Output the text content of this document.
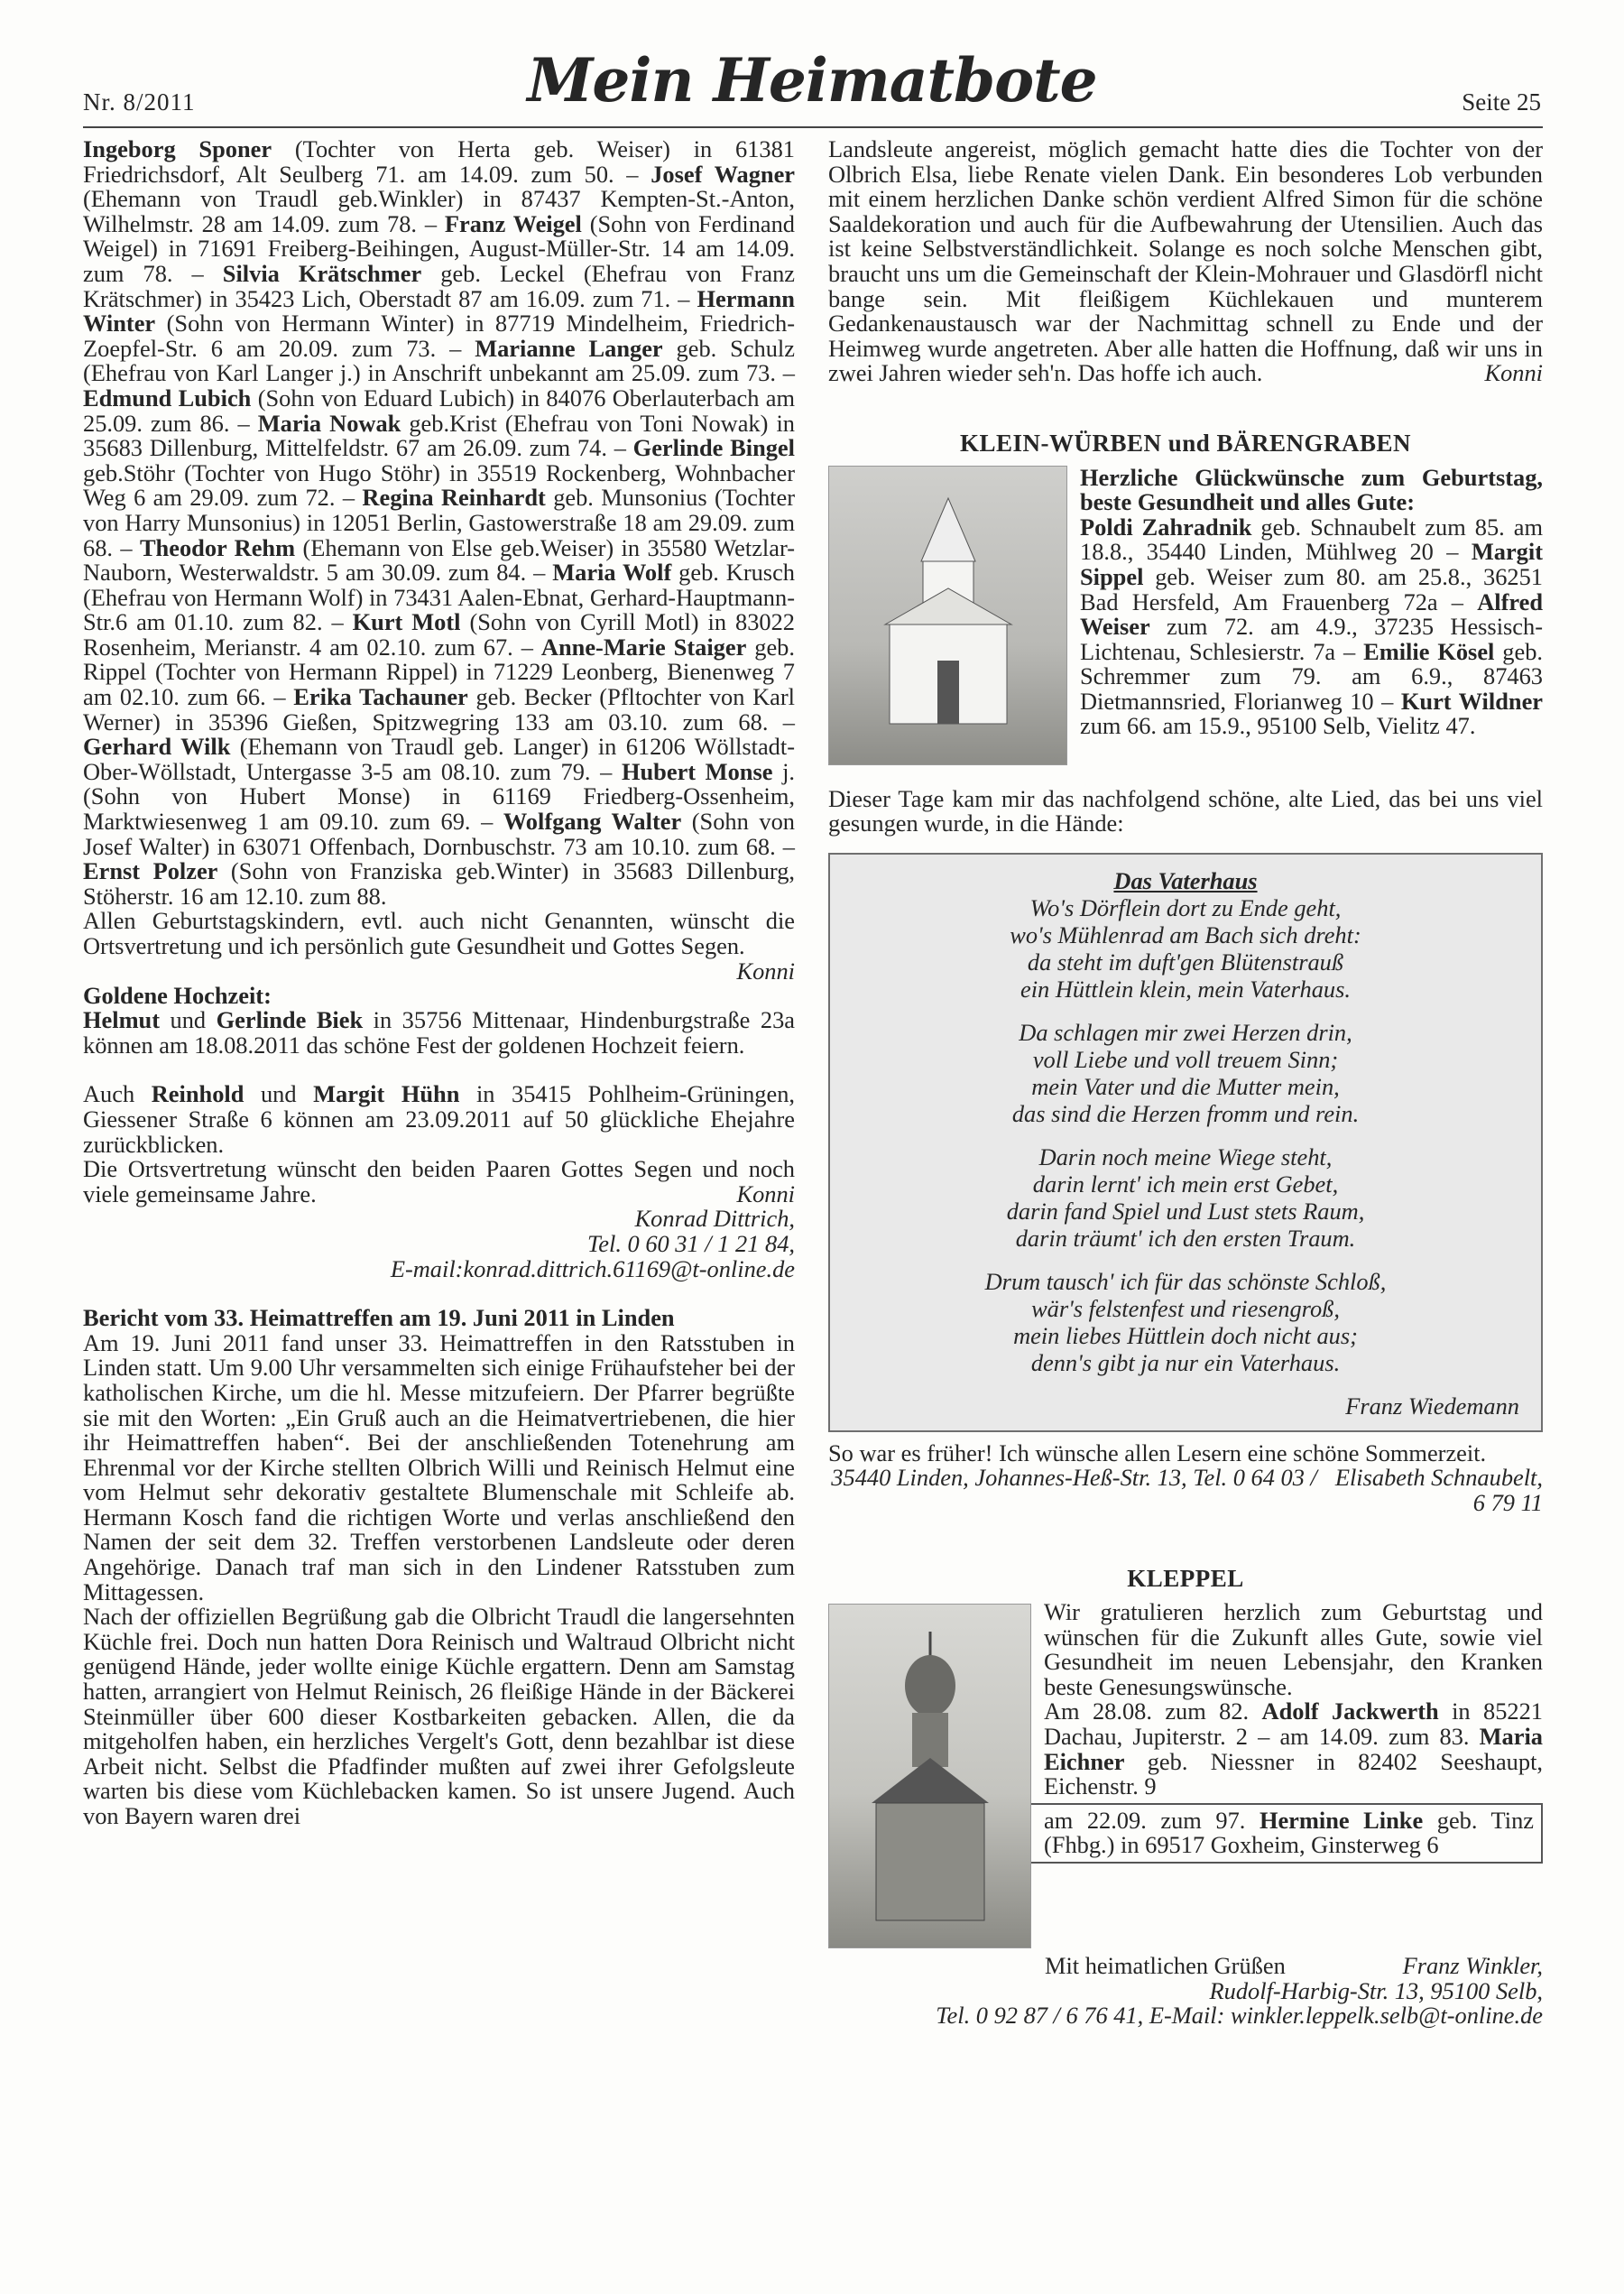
Nr. 8/2011	Mein Heimatbote	Seite 25

Ingeborg Sponer (Tochter von Herta geb. Weiser) in 61381 Friedrichsdorf, Alt Seulberg 71. am 14.09. zum 50. – Josef Wagner (Ehemann von Traudl geb.Winkler) in 87437 Kempten-St.-Anton, Wilhelmstr. 28 am 14.09. zum 78. – Franz Weigel (Sohn von Ferdinand Weigel) in 71691 Freiberg-Beihingen, August-Müller-Str. 14 am 14.09. zum 78. – Silvia Krätschmer geb. Leckel (Ehefrau von Franz Krätschmer) in 35423 Lich, Oberstadt 87 am 16.09. zum 71. – Hermann Winter (Sohn von Hermann Winter) in 87719 Mindelheim, Friedrich-Zoepfel-Str. 6 am 20.09. zum 73. – Marianne Langer geb. Schulz (Ehefrau von Karl Langer j.) in Anschrift unbekannt am 25.09. zum 73. – Edmund Lubich (Sohn von Eduard Lubich) in 84076 Oberlauterbach am 25.09. zum 86. – Maria Nowak geb.Krist (Ehefrau von Toni Nowak) in 35683 Dillenburg, Mittelfeldstr. 67 am 26.09. zum 74. – Gerlinde Bingel geb.Stöhr (Tochter von Hugo Stöhr) in 35519 Rockenberg, Wohnbacher Weg 6 am 29.09. zum 72. – Regina Reinhardt geb. Munsonius (Tochter von Harry Munsonius) in 12051 Berlin, Gastowerstraße 18 am 29.09. zum 68. – Theodor Rehm (Ehemann von Else geb.Weiser) in 35580 Wetzlar-Nauborn, Westerwaldstr. 5 am 30.09. zum 84. – Maria Wolf geb. Krusch (Ehefrau von Hermann Wolf) in 73431 Aalen-Ebnat, Gerhard-Hauptmann-Str.6 am 01.10. zum 82. – Kurt Motl (Sohn von Cyrill Motl) in 83022 Rosenheim, Merianstr. 4 am 02.10. zum 67. – Anne-Marie Staiger geb. Rippel (Tochter von Hermann Rippel) in 71229 Leonberg, Bienenweg 7 am 02.10. zum 66. – Erika Tachauner geb. Becker (Pfltochter von Karl Werner) in 35396 Gießen, Spitzwegring 133 am 03.10. zum 68. – Gerhard Wilk (Ehemann von Traudl geb. Langer) in 61206 Wöllstadt-Ober-Wöllstadt, Untergasse 3-5 am 08.10. zum 79. – Hubert Monse j. (Sohn von Hubert Monse) in 61169 Friedberg-Ossenheim, Marktwiesenweg 1 am 09.10. zum 69. – Wolfgang Walter (Sohn von Josef Walter) in 63071 Offenbach, Dornbuschstr. 73 am 10.10. zum 68. – Ernst Polzer (Sohn von Franziska geb.Winter) in 35683 Dillenburg, Stöherstr. 16 am 12.10. zum 88.

Allen Geburtstagskindern, evtl. auch nicht Genannten, wünscht die Ortsvertretung und ich persönlich gute Gesundheit und Gottes Segen.
Konni

Goldene Hochzeit:

Helmut und Gerlinde Biek in 35756 Mittenaar, Hindenburgstraße 23a können am 18.08.2011 das schöne Fest der goldenen Hochzeit feiern.

Auch Reinhold und Margit Hühn in 35415 Pohlheim-Grüningen, Giessener Straße 6 können am 23.09.2011 auf 50 glückliche Ehejahre zurückblicken.

Die Ortsvertretung wünscht den beiden Paaren Gottes Segen und noch viele gemeinsame Jahre.	Konni

Konrad Dittrich,

Tel. 0 60 31 / 1 21 84,

E-mail:konrad.dittrich.61169@t-online.de

Bericht vom 33. Heimattreffen am 19. Juni 2011 in Linden

Am 19. Juni 2011 fand unser 33. Heimattreffen in den Ratsstuben in Linden statt. Um 9.00 Uhr versammelten sich einige Frühaufsteher bei der katholischen Kirche, um die hl. Messe mitzufeiern. Der Pfarrer begrüßte sie mit den Worten: „Ein Gruß auch an die Heimatvertriebenen, die hier ihr Heimattreffen haben“. Bei der anschließenden Totenehrung am Ehrenmal vor der Kirche stellten Olbrich Willi und Reinisch Helmut eine vom Helmut sehr dekorativ gestaltete Blumenschale mit Schleife ab. Hermann Kosch fand die richtigen Worte und verlas anschließend den Namen der seit dem 32. Treffen verstorbenen Landsleute oder deren Angehörige. Danach traf man sich in den Lindener Ratsstuben zum Mittagessen.

Nach der offiziellen Begrüßung gab die Olbricht Traudl die langersehnten Küchle frei. Doch nun hatten Dora Reinisch und Waltraud Olbricht nicht genügend Hände, jeder wollte einige Küchle ergattern. Denn am Samstag hatten, arrangiert von Helmut Reinisch, 26 fleißige Hände in der Bäckerei Steinmüller über 600 dieser Kostbarkeiten gebacken. Allen, die da mitgeholfen haben, ein herzliches Vergelt's Gott, denn bezahlbar ist diese Arbeit nicht. Selbst die Pfadfinder mußten auf zwei ihrer Gefolgsleute warten bis diese vom Küchlebacken kamen. So ist unsere Jugend. Auch von Bayern waren drei

Landsleute angereist, möglich gemacht hatte dies die Tochter von der Olbrich Elsa, liebe Renate vielen Dank. Ein besonderes Lob verbunden mit einem herzlichen Danke schön verdient Alfred Simon für die schöne Saaldekoration und auch für die Aufbewahrung der Utensilien. Auch das ist keine Selbstverständlichkeit. Solange es noch solche Menschen gibt, braucht uns um die Gemeinschaft der Klein-Mohrauer und Glasdörfl nicht bange sein. Mit fleißigem Küchlekauen und munterem Gedankenaustausch war der Nachmittag schnell zu Ende und der Heimweg wurde angetreten. Aber alle hatten die Hoffnung, daß wir uns in zwei Jahren wieder seh'n. Das hoffe ich auch.	Konni

KLEIN-WÜRBEN und BÄRENGRABEN

Herzliche Glückwünsche zum Geburtstag, beste Gesundheit und alles Gute:

Poldi Zahradnik geb. Schnaubelt zum 85. am 18.8., 35440 Linden, Mühlweg 20 – Margit Sippel geb. Weiser zum 80. am 25.8., 36251 Bad Hersfeld, Am Frauenberg 72a – Alfred Weiser zum 72. am 4.9., 37235 Hessisch-Lichtenau, Schlesierstr. 7a – Emilie Kösel geb. Schremmer zum 79. am 6.9., 87463 Dietmannsried, Florianweg 10 – Kurt Wildner zum 66. am 15.9., 95100 Selb, Vielitz 47.

Dieser Tage kam mir das nachfolgend schöne, alte Lied, das bei uns viel gesungen wurde, in die Hände:

Das Vaterhaus
Wo's Dörflein dort zu Ende geht,
wo's Mühlenrad am Bach sich dreht:
da steht im duft'gen Blütenstrauß
ein Hüttlein klein, mein Vaterhaus.
Da schlagen mir zwei Herzen drin,
voll Liebe und voll treuem Sinn;
mein Vater und die Mutter mein,
das sind die Herzen fromm und rein.
Darin noch meine Wiege steht,
darin lernt' ich mein erst Gebet,
darin fand Spiel und Lust stets Raum,
darin träumt' ich den ersten Traum.
Drum tausch' ich für das schönste Schloß,
wär's felstenfest und riesengroß,
mein liebes Hüttlein doch nicht aus;
denn's gibt ja nur ein Vaterhaus.
Franz Wiedemann

So war es früher! Ich wünsche allen Lesern eine schöne Sommerzeit.
Elisabeth Schnaubelt,

35440 Linden, Johannes-Heß-Str. 13, Tel. 0 64 03 / 6 79 11

KLEPPEL

Wir gratulieren herzlich zum Geburtstag und wünschen für die Zukunft alles Gute, sowie viel Gesundheit im neuen Lebensjahr, den Kranken beste Genesungswünsche.

Am 28.08. zum 82. Adolf Jackwerth in 85221 Dachau, Jupiterstr. 2 – am 14.09. zum 83. Maria Eichner geb. Niessner in 82402 Seeshaupt, Eichenstr. 9

am 22.09. zum 97. Hermine Linke geb. Tinz (Fhbg.) in 69517 Goxheim, Ginsterweg 6

Mit heimatlichen Grüßen	Franz Winkler,

Rudolf-Harbig-Str. 13, 95100 Selb,

Tel. 0 92 87 / 6 76 41, E-Mail: winkler.leppelk.selb@t-online.de
